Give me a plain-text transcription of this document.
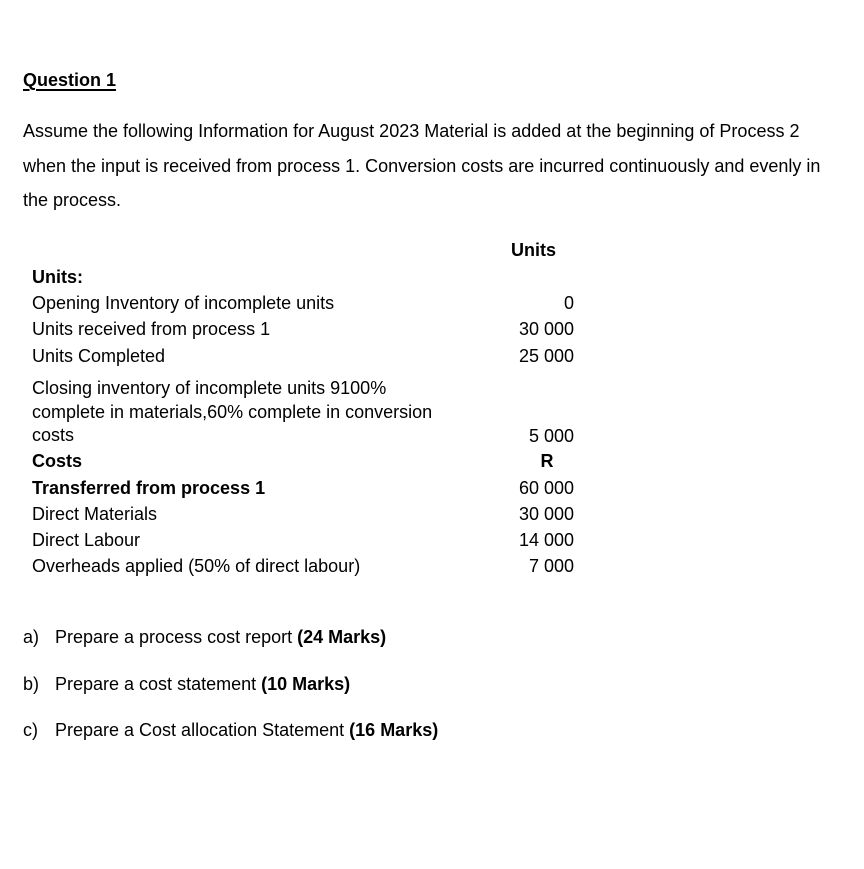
Question 1
Assume the following Information for August 2023 Material is added at the beginning of Process 2 when the input is received from process 1. Conversion costs are incurred continuously and evenly in the process.
Units
Units:
Opening Inventory of incomplete units	0
Units received from process 1	30 000
Units Completed	25 000
Closing inventory of incomplete units 9100% complete in materials,60% complete in conversion costs	5 000
Costs	R
Transferred from process 1	60 000
Direct Materials	30 000
Direct Labour	14 000
Overheads applied (50% of direct labour)	7 000
a) Prepare a process cost report (24 Marks)
b) Prepare a cost statement (10 Marks)
c) Prepare a Cost allocation Statement (16 Marks)
